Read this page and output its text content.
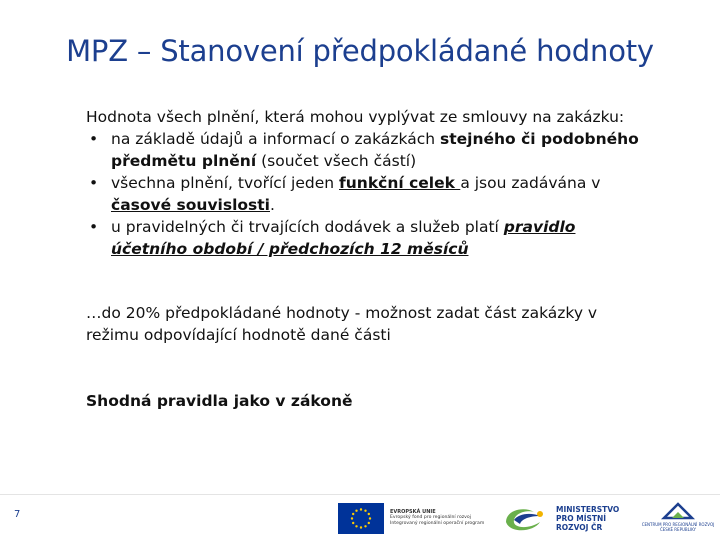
MPZ – Stanovení předpokládané hodnoty

Hodnota všech plnění, která mohou vyplývat ze smlouvy na zakázku:

• na základě údajů a informací o zakázkách stejného či podobného předmětu plnění (součet všech částí)
• všechna plnění, tvořící jeden funkční celek a jsou zadávána v časové souvislosti.
• u pravidelných či trvajících dodávek a služeb platí pravidlo účetního období / předchozích 12 měsíců

…do 20% předpokládané hodnoty - možnost zadat část zakázky v režimu odpovídající hodnotě dané části

Shodná pravidla jako v zákoně

7	EVROPSKÁ UNIE
Evropský fond pro regionální rozvoj
Integrovaný regionální operační program
MINISTERSTVO
PRO MÍSTNÍ
ROZVOJ ČR	CENTRUM PRO REGIONÁLNÍ ROZVOJ
ČESKÉ REPUBLIKY
